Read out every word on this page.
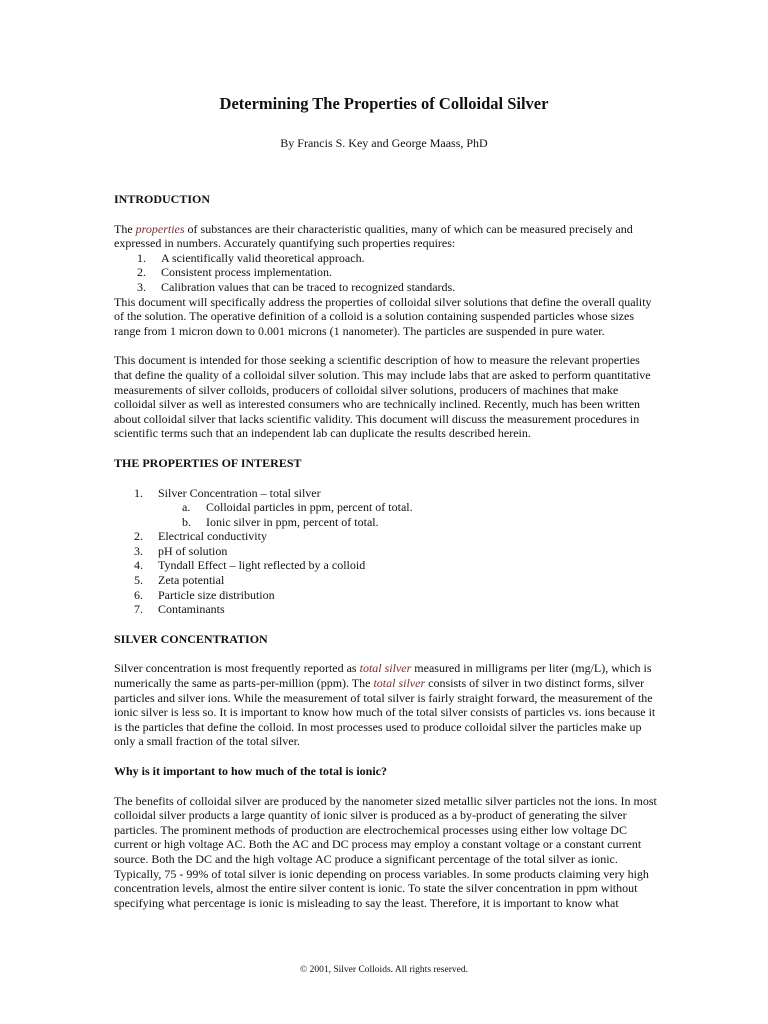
Determining The Properties of Colloidal Silver
By Francis S. Key and George Maass, PhD
INTRODUCTION

The properties of substances are their characteristic qualities, many of which can be measured precisely and expressed in numbers. Accurately quantifying such properties requires:

1. A scientifically valid theoretical approach.
2. Consistent process implementation.
3. Calibration values that can be traced to recognized standards.

This document will specifically address the properties of colloidal silver solutions that define the overall quality of the solution. The operative definition of a colloid is a solution containing suspended particles whose sizes range from 1 micron down to 0.001 microns (1 nanometer). The particles are suspended in pure water.

This document is intended for those seeking a scientific description of how to measure the relevant properties that define the quality of a colloidal silver solution. This may include labs that are asked to perform quantitative measurements of silver colloids, producers of colloidal silver solutions, producers of machines that make colloidal silver as well as interested consumers who are technically inclined. Recently, much has been written about colloidal silver that lacks scientific validity. This document will discuss the measurement procedures in scientific terms such that an independent lab can duplicate the results described herein.

THE PROPERTIES OF INTEREST
1. Silver Concentration – total silver
a. Colloidal particles in ppm, percent of total.
b. Ionic silver in ppm, percent of total.
2. Electrical conductivity
3. pH of solution
4. Tyndall Effect – light reflected by a colloid
5. Zeta potential
6. Particle size distribution
7. Contaminants
SILVER CONCENTRATION

Silver concentration is most frequently reported as total silver measured in milligrams per liter (mg/L), which is numerically the same as parts-per-million (ppm). The total silver consists of silver in two distinct forms, silver particles and silver ions. While the measurement of total silver is fairly straight forward, the measurement of the ionic silver is less so. It is important to know how much of the total silver consists of particles vs. ions because it is the particles that define the colloid. In most processes used to produce colloidal silver the particles make up only a small fraction of the total silver.

Why is it important to how much of the total is ionic?

The benefits of colloidal silver are produced by the nanometer sized metallic silver particles not the ions. In most colloidal silver products a large quantity of ionic silver is produced as a by-product of generating the silver particles. The prominent methods of production are electrochemical processes using either low voltage DC current or high voltage AC. Both the AC and DC process may employ a constant voltage or a constant current source. Both the DC and the high voltage AC produce a significant percentage of the total silver as ionic. Typically, 75 - 99% of total silver is ionic depending on process variables. In some products claiming very high concentration levels, almost the entire silver content is ionic. To state the silver concentration in ppm without specifying what percentage is ionic is misleading to say the least. Therefore, it is important to know what

© 2001, Silver Colloids. All rights reserved.
